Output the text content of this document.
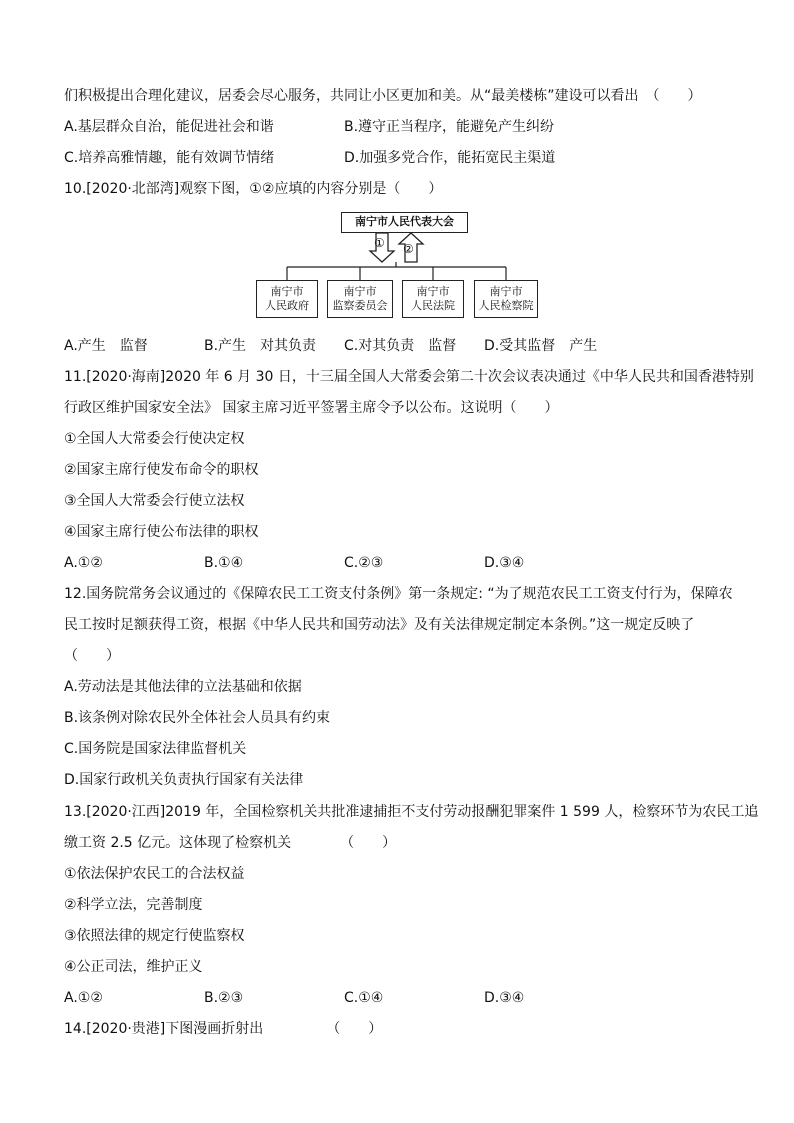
们积极提出合理化建议，居委会尽心服务，共同让小区更加和美。从“最美楼栋”建设可以看出　（　　）
A.基层群众自治，能促进社会和谐	B.遵守正当程序，能避免产生纠纷
C.培养高雅情趣，能有效调节情绪	D.加强多党合作，能拓宽民主渠道
10.[2020·北部湾]观察下图，①②应填的内容分别是（　　）
南宁市人民代表大会
① ②
南宁市
人民政府
南宁市
监察委员会
南宁市
人民法院
南宁市
人民检察院
A.产生　监督	B.产生　对其负责 C.对其负责　监督 D.受其监督　产生
11.[2020·海南]2020 年 6 月 30 日，十三届全国人大常委会第二十次会议表决通过《中华人民共和国香港特别
行政区维护国家安全法》 国家主席习近平签署主席令予以公布。这说明（　　）
①全国人大常委会行使决定权
②国家主席行使发布命令的职权
③全国人大常委会行使立法权
④国家主席行使公布法律的职权
A.①②	B.①④	C.②③	D.③④
12.国务院常务会议通过的《保障农民工工资支付条例》第一条规定: “为了规范农民工工资支付行为，保障农
民工按时足额获得工资，根据《中华人民共和国劳动法》及有关法律规定制定本条例。”这一规定反映了
（　　）
A.劳动法是其他法律的立法基础和依据
B.该条例对除农民外全体社会人员具有约束
C.国务院是国家法律监督机关
D.国家行政机关负责执行国家有关法律
13.[2020·江西]2019 年，全国检察机关共批准逮捕拒不支付劳动报酬犯罪案件 1 599 人，检察环节为农民工追
缴工资 2.5 亿元。这体现了检察机关　　　　（　　）
①依法保护农民工的合法权益
②科学立法，完善制度
③依照法律的规定行使监察权
④公正司法，维护正义
A.①②	B.②③	C.①④	D.③④
14.[2020·贵港]下图漫画折射出　　　　　（　　）
